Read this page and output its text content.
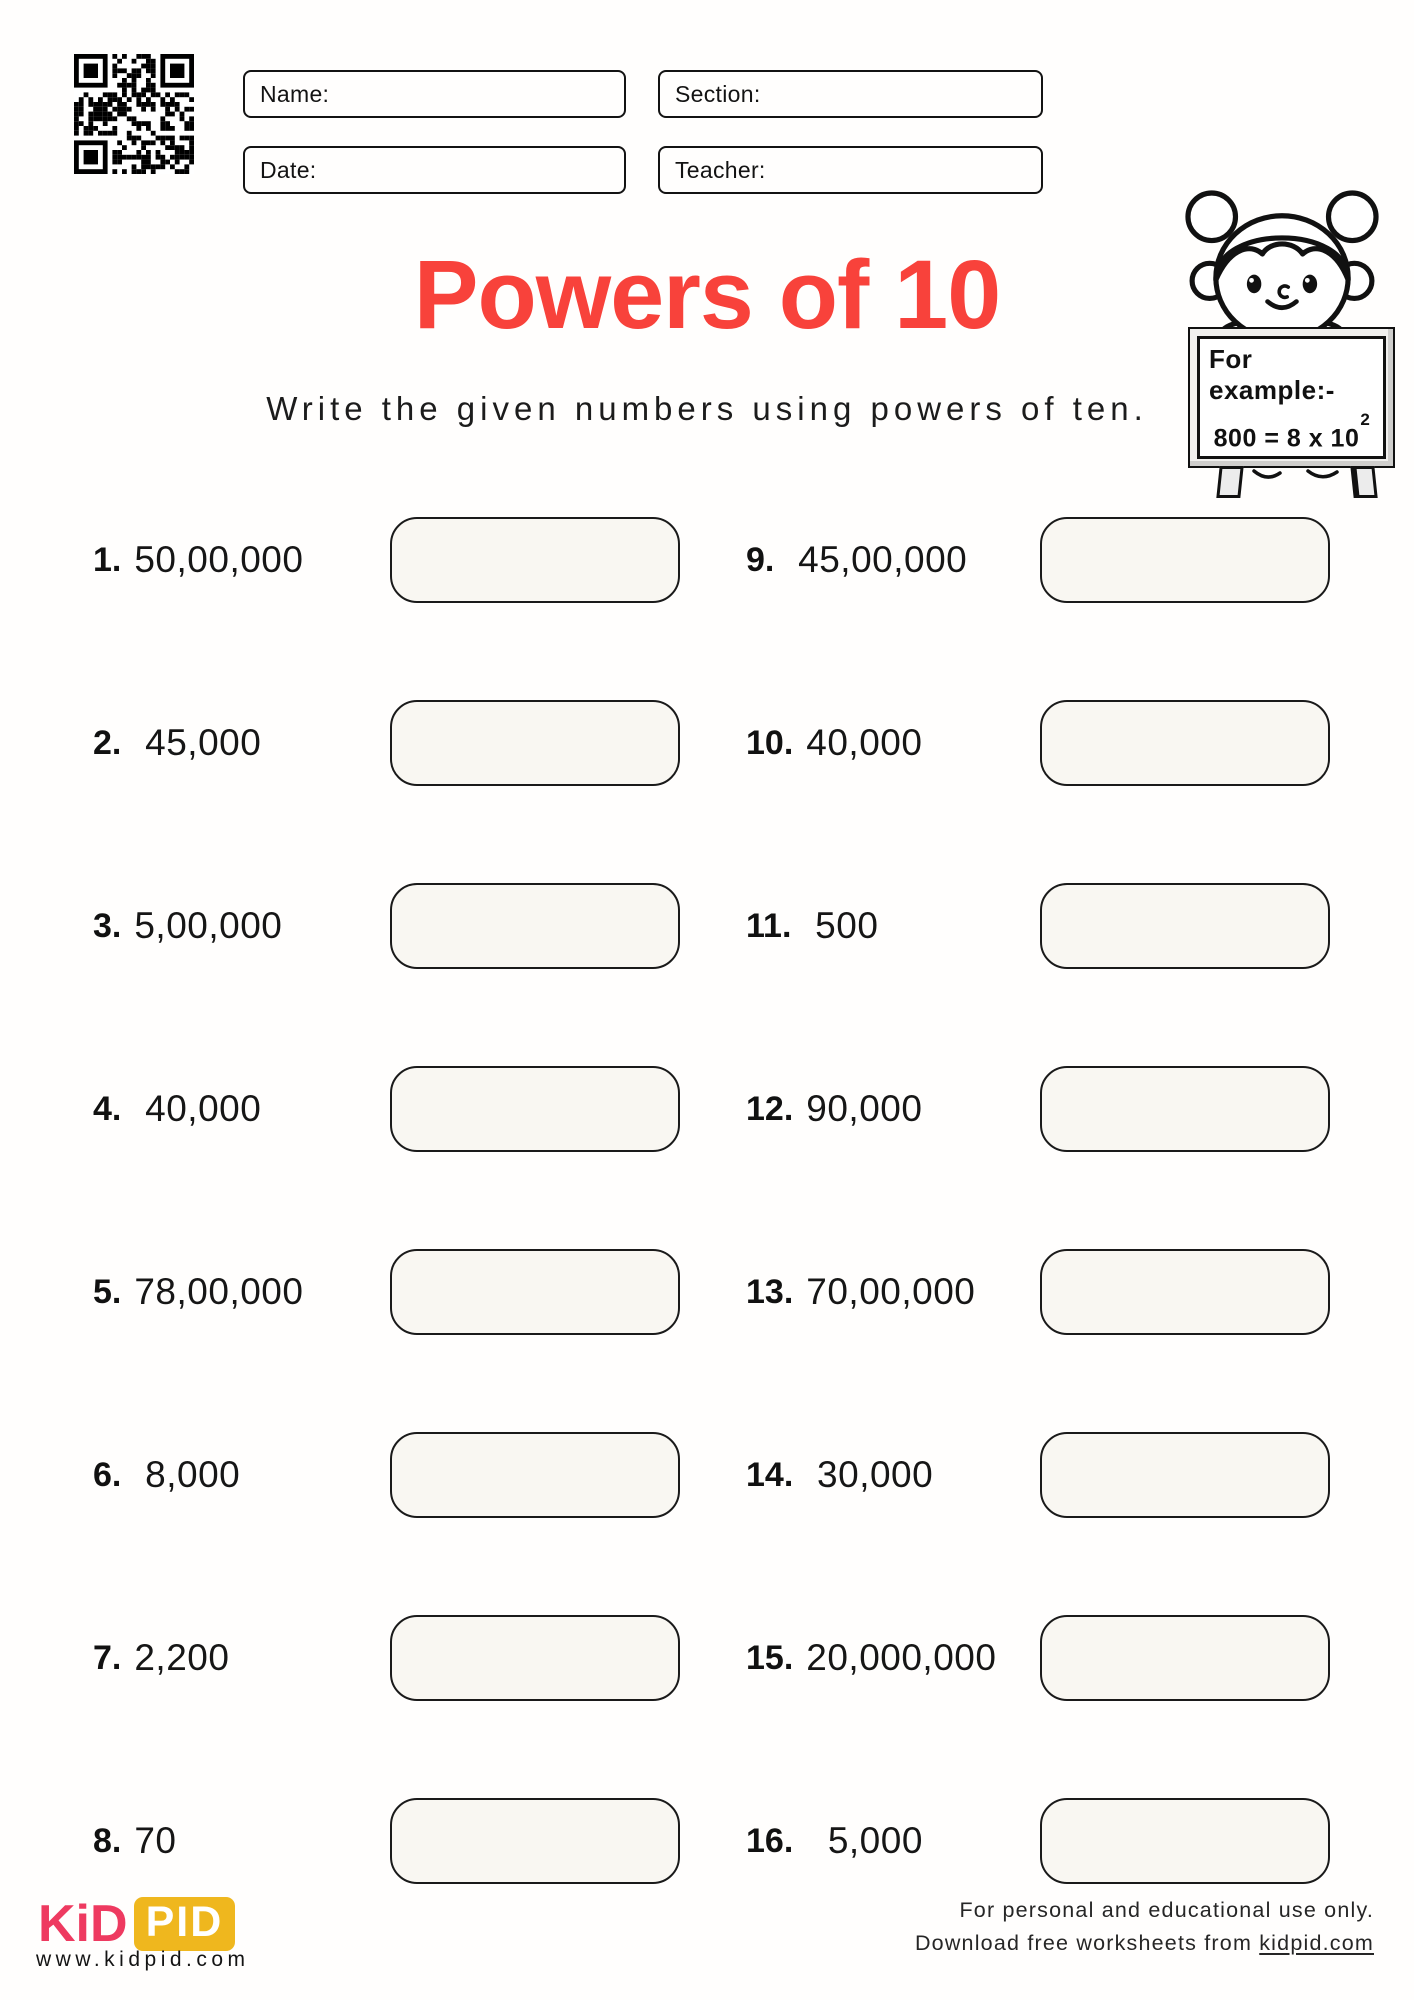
Name:	Section:
Date:	Teacher:
Powers of 10
Write the given numbers using powers of ten.
For example:-
800 = 8 x $10^2$
1. 50,00,000
2. 45,000
3. 5,00,000
4. 40,000
5. 78,00,000
6. 8,000
7. 2,200
8. 70
9. 45,00,000
10. 40,000
11. 500
12. 90,000
13. 70,00,000
14. 30,000
15. 20,000,000
16. 5,000
KiD PID
www.kidpid.com
For personal and educational use only.
Download free worksheets from kidpid.com
